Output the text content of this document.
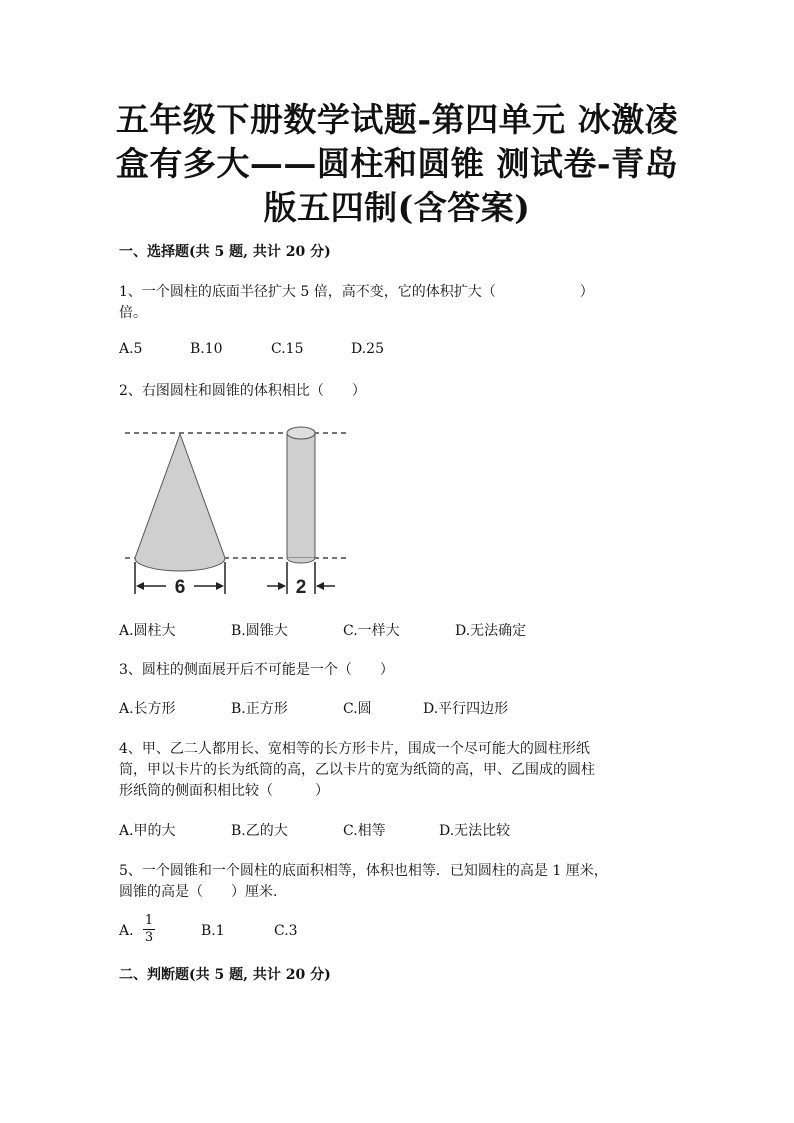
五年级下册数学试题-第四单元 冰激凌
盒有多大——圆柱和圆锥 测试卷-青岛
版五四制(含答案)
一、选择题(共 5 题, 共计 20 分)
1、一个圆柱的底面半径扩大 5 倍，高不变，它的体积扩大（　　　　　　）
倍。
A.5	B.10	C.15	D.25
2、右图圆柱和圆锥的体积相比（　　）
6	2
A.圆柱大	B.圆锥大	C.一样大	D.无法确定
3、圆柱的侧面展开后不可能是一个（　　）
A.长方形	B.正方形	C.圆	D.平行四边形
4、甲、乙二人都用长、宽相等的长方形卡片，围成一个尽可能大的圆柱形纸
筒，甲以卡片的长为纸筒的高，乙以卡片的宽为纸筒的高，甲、乙围成的圆柱
形纸筒的侧面积相比较（　　　）
A.甲的大	B.乙的大	C.相等	D.无法比较
5、一个圆锥和一个圆柱的底面积相等，体积也相等．已知圆柱的高是 1 厘米，
圆锥的高是（　　）厘米.
A.	B.1	C.3
1
3
二、判断题(共 5 题, 共计 20 分)
